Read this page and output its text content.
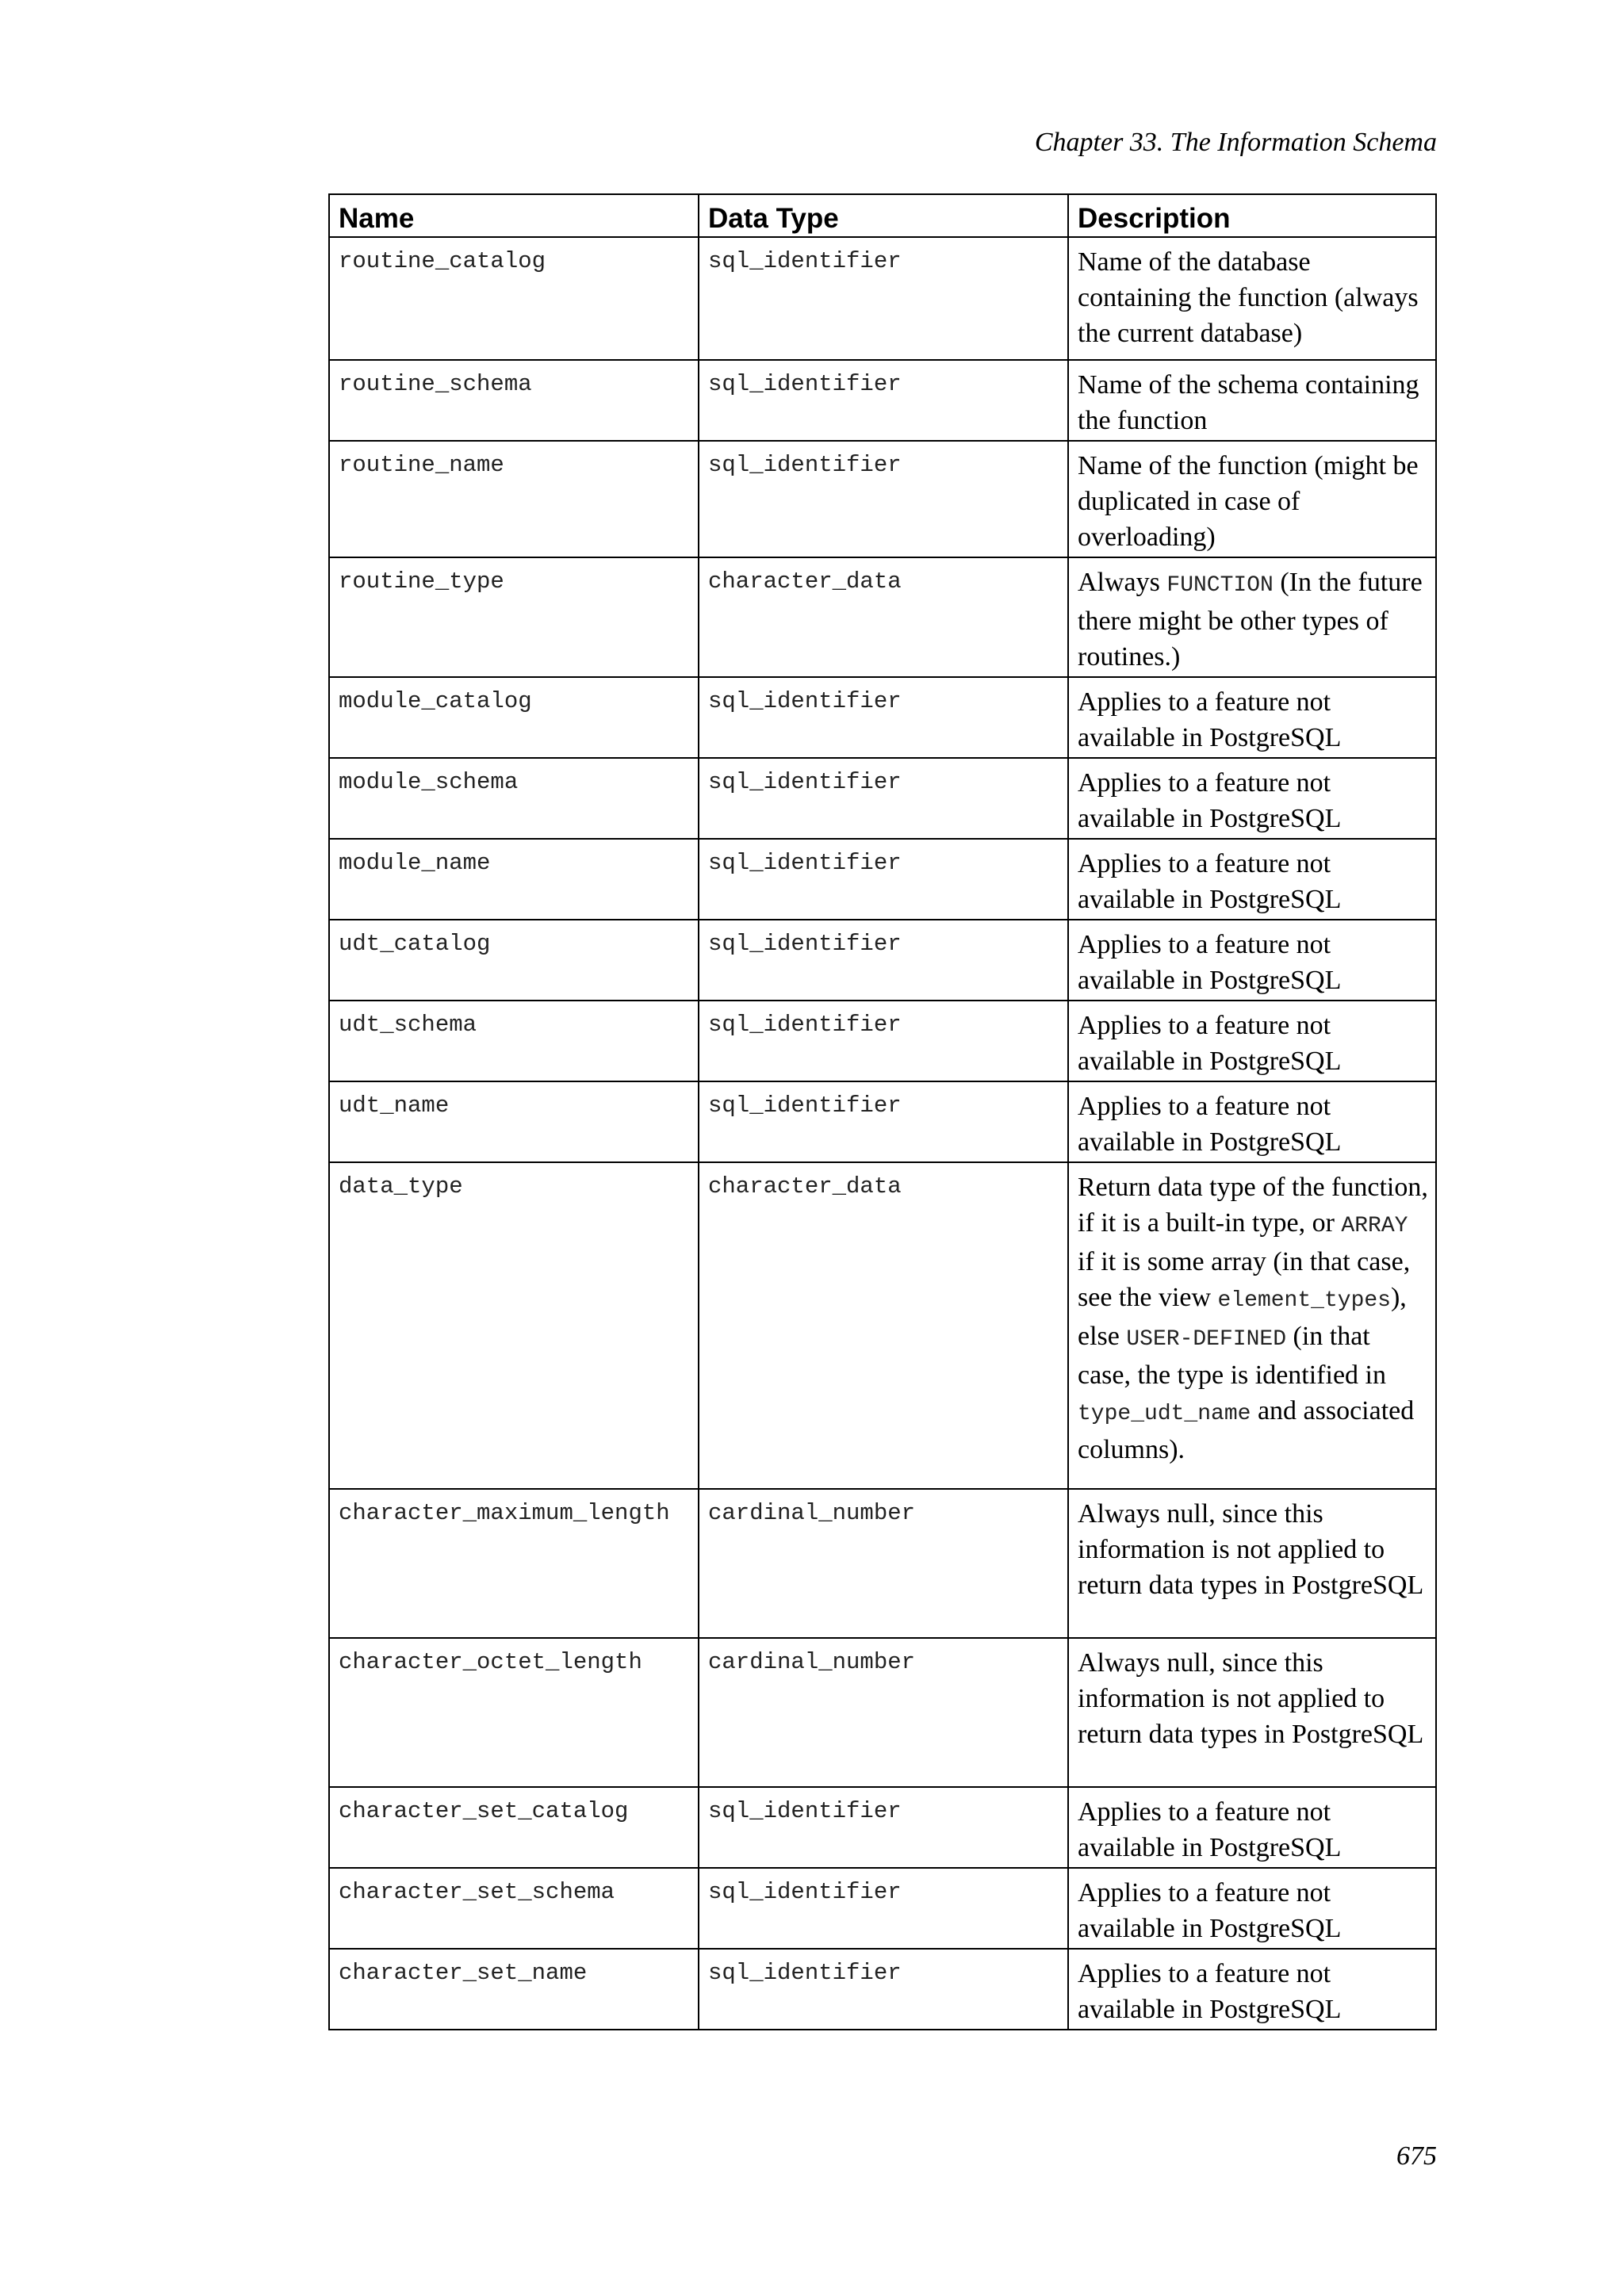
Chapter 33. The Information Schema
Name	Data Type	Description
routine_catalog	sql_identifier	Name of the database containing the function (always the current database)
routine_schema	sql_identifier	Name of the schema containing the function
routine_name	sql_identifier	Name of the function (might be duplicated in case of overloading)
routine_type	character_data	Always FUNCTION (In the future there might be other types of routines.)
module_catalog	sql_identifier	Applies to a feature not available in PostgreSQL
module_schema	sql_identifier	Applies to a feature not available in PostgreSQL
module_name	sql_identifier	Applies to a feature not available in PostgreSQL
udt_catalog	sql_identifier	Applies to a feature not available in PostgreSQL
udt_schema	sql_identifier	Applies to a feature not available in PostgreSQL
udt_name	sql_identifier	Applies to a feature not available in PostgreSQL
data_type	character_data	Return data type of the function, if it is a built-in type, or ARRAY if it is some array (in that case, see the view element_types), else USER-DEFINED (in that case, the type is identified in type_udt_name and associated columns).
character_maximum_length	cardinal_number	Always null, since this information is not applied to return data types in PostgreSQL
character_octet_length	cardinal_number	Always null, since this information is not applied to return data types in PostgreSQL
character_set_catalog	sql_identifier	Applies to a feature not available in PostgreSQL
character_set_schema	sql_identifier	Applies to a feature not available in PostgreSQL
character_set_name	sql_identifier	Applies to a feature not available in PostgreSQL
675
